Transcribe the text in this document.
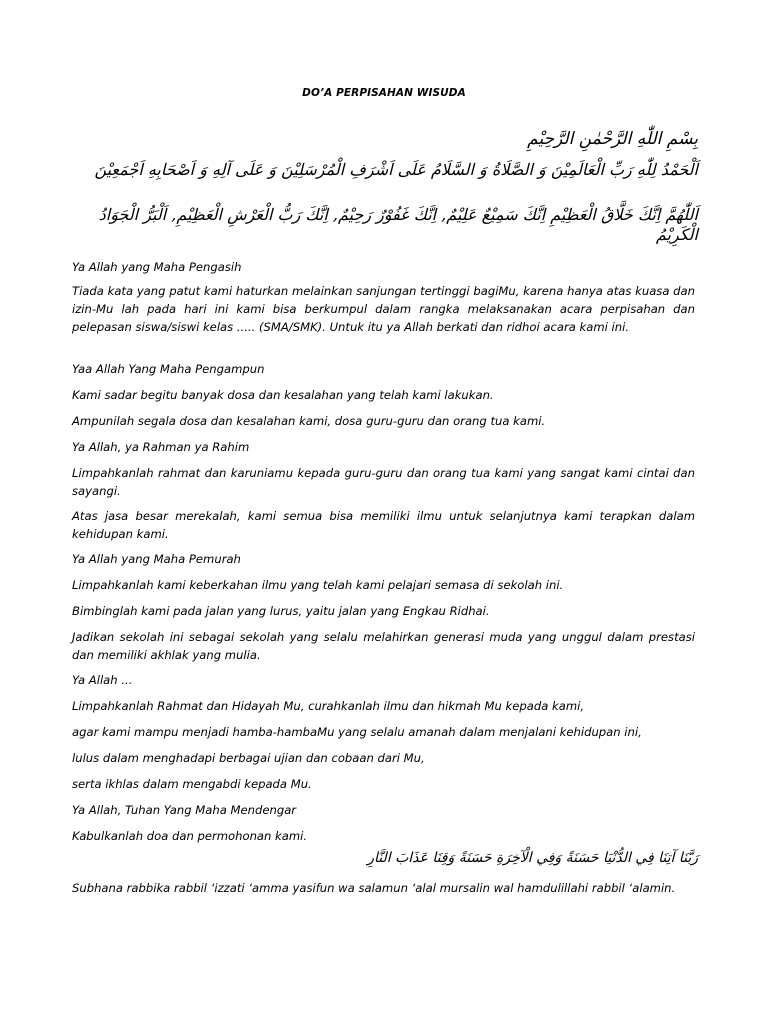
DO’A PERPISAHAN WISUDA
بِسْمِ اللّٰهِ الرَّحْمٰنِ الرَّحِيْمِ
اَلْحَمْدُ لِلّٰهِ رَبِّ الْعَالَمِيْنَ وَ الصَّلَاةُ وَ السَّلَامُ عَلَى اَشْرَفِ الْمُرْسَلِيْنَ وَ عَلَى آلِهِ وَ اَصْحَابِهِ اَجْمَعِيْنَ
اَللّٰهُمَّ اِنَّكَ خَلَّاقُ الْعَظِيْمِ اِنَّكَ سَمِيْعٌ عَلِيْمٌ, اِنَّكَ غَفُوْرٌ رَحِيْمٌ, اِنَّكَ رَبُّ الْعَرْشِ الْعَظِيْمِ, اَلْبَرُّ الْجَوَادُ الْكَرِيْمُ
Ya Allah yang Maha Pengasih
Tiada kata yang patut kami haturkan melainkan sanjungan tertinggi bagiMu, karena hanya atas kuasa dan izin-Mu lah pada hari ini kami bisa berkumpul dalam rangka melaksanakan acara perpisahan dan pelepasan siswa/siswi kelas ..... (SMA/SMK). Untuk itu ya Allah berkati dan ridhoi acara kami ini.
Yaa Allah Yang Maha Pengampun
Kami sadar begitu banyak dosa dan kesalahan yang telah kami lakukan.
Ampunilah segala dosa dan kesalahan kami, dosa guru-guru dan orang tua kami.
Ya Allah, ya Rahman ya Rahim
Limpahkanlah rahmat dan karuniamu kepada guru-guru dan orang tua kami yang sangat kami cintai dan sayangi.
Atas jasa besar merekalah, kami semua bisa memiliki ilmu untuk selanjutnya kami terapkan dalam kehidupan kami.
Ya Allah yang Maha Pemurah
Limpahkanlah kami keberkahan ilmu yang telah kami pelajari semasa di sekolah ini.
Bimbinglah kami pada jalan yang lurus, yaitu jalan yang Engkau Ridhai.
Jadikan sekolah ini sebagai sekolah yang selalu melahirkan generasi muda yang unggul dalam prestasi dan memiliki akhlak yang mulia.
Ya Allah ...
Limpahkanlah Rahmat dan Hidayah Mu, curahkanlah ilmu dan hikmah Mu kepada kami,
agar kami mampu menjadi hamba-hambaMu yang selalu amanah dalam menjalani kehidupan ini,
lulus dalam menghadapi berbagai ujian dan cobaan dari Mu,
serta ikhlas dalam mengabdi kepada Mu.
Ya Allah, Tuhan Yang Maha Mendengar
Kabulkanlah doa dan permohonan kami.
رَبَّنَا آتِنَا فِي الدُّنْيَا حَسَنَةً وَفِي الْآخِرَةِ حَسَنَةً وَقِنَا عَذَابَ النَّارِ
Subhana rabbika rabbil ‘izzati ‘amma yasifun wa salamun ‘alal mursalin wal hamdulillahi rabbil ‘alamin.
